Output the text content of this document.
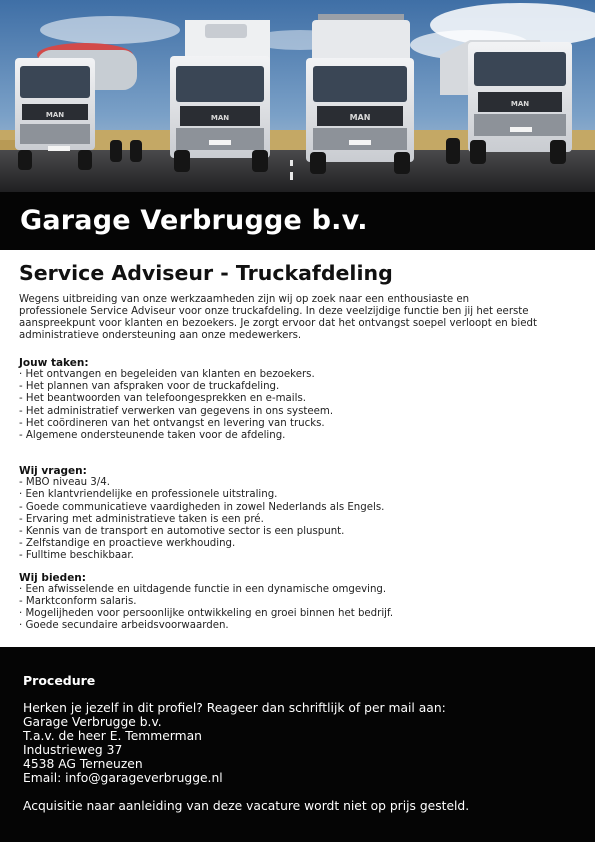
MAN	MAN	MAN
MAN
Garage Verbrugge b.v.
Service Adviseur - Truckafdeling
Wegens uitbreiding van onze werkzaamheden zijn wij op zoek naar een enthousiaste en
professionele Service Adviseur voor onze truckafdeling. In deze veelzijdige functie ben jij het eerste
aanspreekpunt voor klanten en bezoekers. Je zorgt ervoor dat het ontvangst soepel verloopt en biedt
administratieve ondersteuning aan onze medewerkers.
Jouw taken:
· Het ontvangen en begeleiden van klanten en bezoekers.
- Het plannen van afspraken voor de truckafdeling.
- Het beantwoorden van telefoongesprekken en e-mails.
- Het administratief verwerken van gegevens in ons systeem.
- Het coördineren van het ontvangst en levering van trucks.
- Algemene ondersteunende taken voor de afdeling.
Wij vragen:
- MBO niveau 3/4.
· Een klantvriendelijke en professionele uitstraling.
- Goede communicatieve vaardigheden in zowel Nederlands als Engels.
- Ervaring met administratieve taken is een pré.
- Kennis van de transport en automotive sector is een pluspunt.
- Zelfstandige en proactieve werkhouding.
- Fulltime beschikbaar.
Wij bieden:
· Een afwisselende en uitdagende functie in een dynamische omgeving.
- Marktconform salaris.
· Mogelijheden voor persoonlijke ontwikkeling en groei binnen het bedrijf.
· Goede secundaire arbeidsvoorwaarden.
Procedure
Herken je jezelf in dit profiel? Reageer dan schriftlijk of per mail aan:
Garage Verbrugge b.v.
T.a.v. de heer E. Temmerman
Industrieweg 37
4538 AG Terneuzen
Email: info@garageverbrugge.nl
Acquisitie naar aanleiding van deze vacature wordt niet op prijs gesteld.
